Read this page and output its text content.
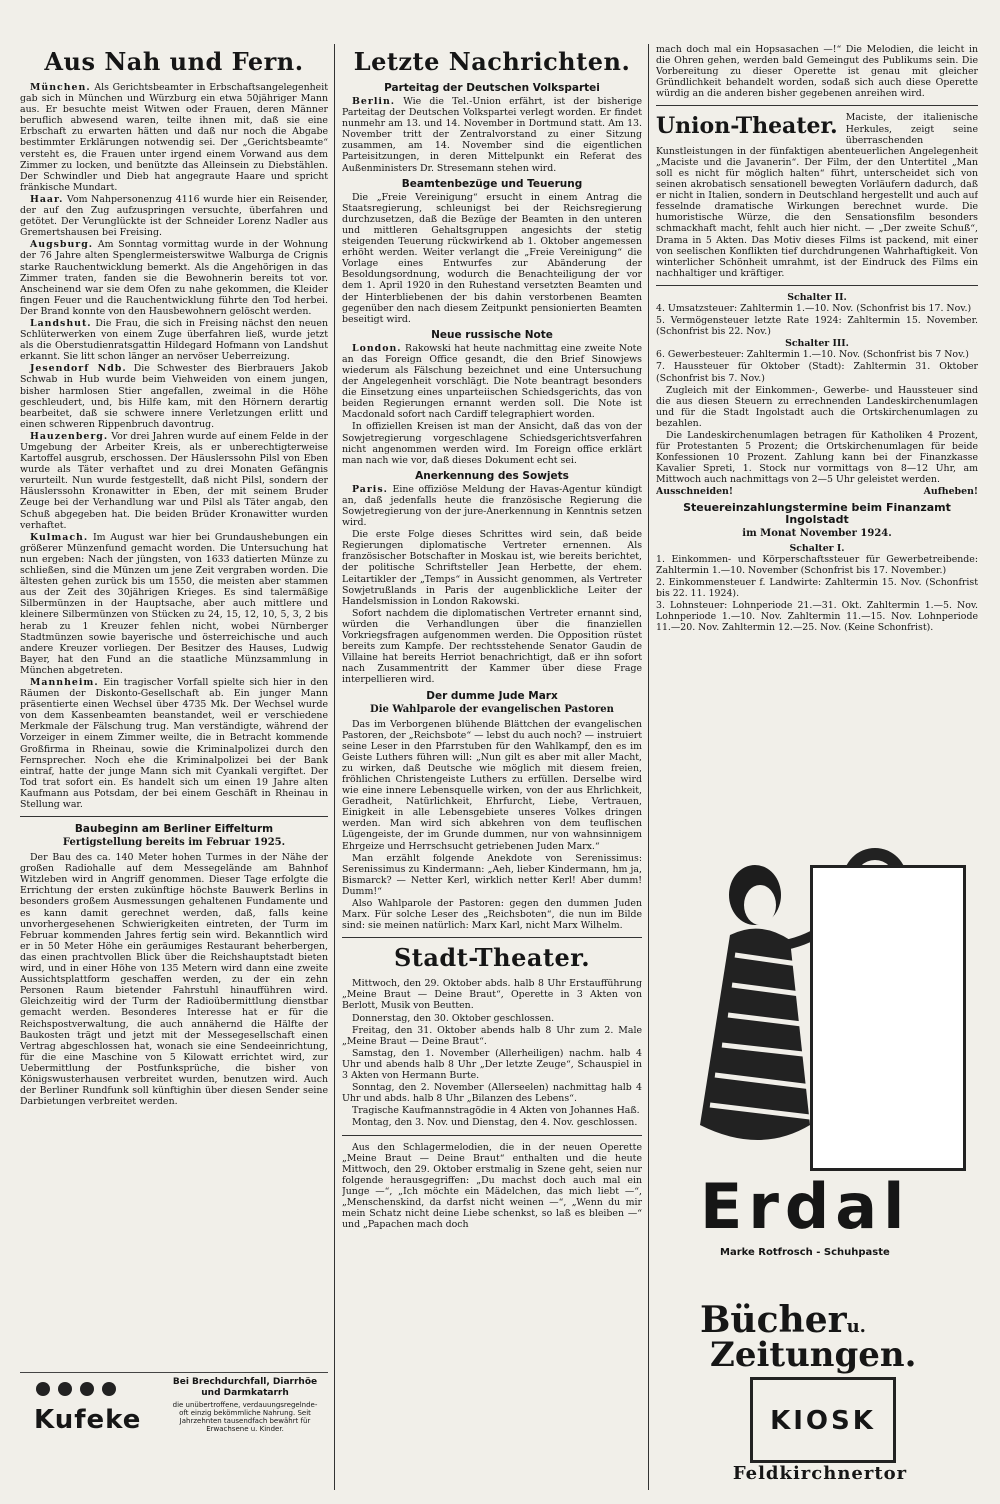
Aus Nah und Fern.

München. Als Gerichtsbeamter in Erbschaftsangelegenheit gab sich in München und Würzburg ein etwa 50jähriger Mann aus. Er besuchte meist Witwen oder Frauen, deren Männer beruflich abwesend waren, teilte ihnen mit, daß sie eine Erbschaft zu erwarten hätten und daß nur noch die Abgabe bestimmter Erklärungen notwendig sei. Der „Gerichtsbeamte“ versteht es, die Frauen unter irgend einem Vorwand aus dem Zimmer zu locken, und benützte das Alleinsein zu Diebstählen. Der Schwindler und Dieb hat angegraute Haare und spricht fränkische Mundart.

Haar. Vom Nahpersonenzug 4116 wurde hier ein Reisender, der auf den Zug aufzuspringen versuchte, überfahren und getötet. Der Verunglückte ist der Schneider Lorenz Nadler aus Gremertshausen bei Freising.

Augsburg. Am Sonntag vormittag wurde in der Wohnung der 76 Jahre alten Spenglermeisterswitwe Walburga de Crignis starke Rauchentwicklung bemerkt. Als die Angehörigen in das Zimmer traten, fanden sie die Bewohnerin bereits tot vor. Anscheinend war sie dem Ofen zu nahe gekommen, die Kleider fingen Feuer und die Rauchentwicklung führte den Tod herbei. Der Brand konnte von den Hausbewohnern gelöscht werden.

Landshut. Die Frau, die sich in Freising nächst den neuen Schlüterwerken von einem Zuge überfahren ließ, wurde jetzt als die Oberstudienratsgattin Hildegard Hofmann von Landshut erkannt. Sie litt schon länger an nervöser Ueberreizung.

Jesendorf Ndb. Die Schwester des Bierbrauers Jakob Schwab in Hub wurde beim Viehweiden von einem jungen, bisher harmlosen Stier angefallen, zweimal in die Höhe geschleudert, und, bis Hilfe kam, mit den Hörnern derartig bearbeitet, daß sie schwere innere Verletzungen erlitt und einen schweren Rippenbruch davontrug.

Hauzenberg. Vor drei Jahren wurde auf einem Felde in der Umgebung der Arbeiter Kreis, als er unberechtigterweise Kartoffel ausgrub, erschossen. Der Häuslerssohn Pilsl von Eben wurde als Täter verhaftet und zu drei Monaten Gefängnis verurteilt. Nun wurde festgestellt, daß nicht Pilsl, sondern der Häuslerssohn Kronawitter in Eben, der mit seinem Bruder Zeuge bei der Verhandlung war und Pilsl als Täter angab, den Schuß abgegeben hat. Die beiden Brüder Kronawitter wurden verhaftet.

Kulmach. Im August war hier bei Grundaushebungen ein größerer Münzenfund gemacht worden. Die Untersuchung hat nun ergeben: Nach der jüngsten, von 1633 datierten Münze zu schließen, sind die Münzen um jene Zeit vergraben worden. Die ältesten gehen zurück bis um 1550, die meisten aber stammen aus der Zeit des 30jährigen Krieges. Es sind talermäßige Silbermünzen in der Hauptsache, aber auch mittlere und kleinere Silbermünzen von Stücken zu 24, 15, 12, 10, 5, 3, 2 bis herab zu 1 Kreuzer fehlen nicht, wobei Nürnberger Stadtmünzen sowie bayerische und österreichische und auch andere Kreuzer vorliegen. Der Besitzer des Hauses, Ludwig Bayer, hat den Fund an die staatliche Münzsammlung in München abgetreten.

Mannheim. Ein tragischer Vorfall spielte sich hier in den Räumen der Diskonto-Gesellschaft ab. Ein junger Mann präsentierte einen Wechsel über 4735 Mk. Der Wechsel wurde von dem Kassenbeamten beanstandet, weil er verschiedene Merkmale der Fälschung trug. Man verständigte, während der Vorzeiger in einem Zimmer weilte, die in Betracht kommende Großfirma in Rheinau, sowie die Kriminalpolizei durch den Fernsprecher. Noch ehe die Kriminalpolizei bei der Bank eintraf, hatte der junge Mann sich mit Cyankali vergiftet. Der Tod trat sofort ein. Es handelt sich um einen 19 Jahre alten Kaufmann aus Potsdam, der bei einem Geschäft in Rheinau in Stellung war.

Baubeginn am Berliner Eiffelturm
Fertigstellung bereits im Februar 1925.

Der Bau des ca. 140 Meter hohen Turmes in der Nähe der großen Radiohalle auf dem Messegelände am Bahnhof Witzleben wird in Angriff genommen. Dieser Tage erfolgte die Errichtung der ersten zukünftige höchste Bauwerk Berlins in besonders großem Ausmessungen gehaltenen Fundamente und es kann damit gerechnet werden, daß, falls keine unvorhergesehenen Schwierigkeiten eintreten, der Turm im Februar kommenden Jahres fertig sein wird. Bekanntlich wird er in 50 Meter Höhe ein geräumiges Restaurant beherbergen, das einen prachtvollen Blick über die Reichshauptstadt bieten wird, und in einer Höhe von 135 Metern wird dann eine zweite Aussichtsplattform geschaffen werden, zu der ein zehn Personen Raum bietender Fahrstuhl hinaufführen wird. Gleichzeitig wird der Turm der Radioübermittlung dienstbar gemacht werden. Besonderes Interesse hat er für die Reichspostverwaltung, die auch annähernd die Hälfte der Baukosten trägt und jetzt mit der Messegesellschaft einen Vertrag abgeschlossen hat, wonach sie eine Sendeeinrichtung, für die eine Maschine von 5 Kilowatt errichtet wird, zur Uebermittlung der Postfunksprüche, die bisher von Königswusterhausen verbreitet wurden, benutzen wird. Auch der Berliner Rundfunk soll künftighin über diesen Sender seine Darbietungen verbreitet werden.

Letzte Nachrichten.
Parteitag der Deutschen Volkspartei

Berlin. Wie die Tel.-Union erfährt, ist der bisherige Parteitag der Deutschen Volkspartei verlegt worden. Er findet nunmehr am 13. und 14. November in Dortmund statt. Am 13. November tritt der Zentralvorstand zu einer Sitzung zusammen, am 14. November sind die eigentlichen Parteisitzungen, in deren Mittelpunkt ein Referat des Außenministers Dr. Stresemann stehen wird.

Beamtenbezüge und Teuerung

Die „Freie Vereinigung“ ersucht in einem Antrag die Staatsregierung, schleunigst bei der Reichsregierung durchzusetzen, daß die Bezüge der Beamten in den unteren und mittleren Gehaltsgruppen angesichts der stetig steigenden Teuerung rückwirkend ab 1. Oktober angemessen erhöht werden. Weiter verlangt die „Freie Vereinigung“ die Vorlage eines Entwurfes zur Abänderung der Besoldungsordnung, wodurch die Benachteiligung der vor dem 1. April 1920 in den Ruhestand versetzten Beamten und der Hinterbliebenen der bis dahin verstorbenen Beamten gegenüber den nach diesem Zeitpunkt pensionierten Beamten beseitigt wird.

Neue russische Note

London. Rakowski hat heute nachmittag eine zweite Note an das Foreign Office gesandt, die den Brief Sinowjews wiederum als Fälschung bezeichnet und eine Untersuchung der Angelegenheit vorschlägt. Die Note beantragt besonders die Einsetzung eines unparteiischen Schiedsgerichts, das von beiden Regierungen ernannt werden soll. Die Note ist Macdonald sofort nach Cardiff telegraphiert worden.

In offiziellen Kreisen ist man der Ansicht, daß das von der Sowjetregierung vorgeschlagene Schiedsgerichtsverfahren nicht angenommen werden wird. Im Foreign office erklärt man nach wie vor, daß dieses Dokument echt sei.

Anerkennung des Sowjets

Paris. Eine offiziöse Meldung der Havas-Agentur kündigt an, daß jedenfalls heute die französische Regierung die Sowjetregierung von der jure-Anerkennung in Kenntnis setzen wird.

Die erste Folge dieses Schrittes wird sein, daß beide Regierungen diplomatische Vertreter ernennen. Als französischer Botschafter in Moskau ist, wie bereits berichtet, der politische Schriftsteller Jean Herbette, der ehem. Leitartikler der „Temps“ in Aussicht genommen, als Vertreter Sowjetrußlands in Paris der augenblickliche Leiter der Handelsmission in London Rakowski.

Sofort nachdem die diplomatischen Vertreter ernannt sind, würden die Verhandlungen über die finanziellen Vorkriegsfragen aufgenommen werden. Die Opposition rüstet bereits zum Kampfe. Der rechtsstehende Senator Gaudin de Villaine hat bereits Herriot benachrichtigt, daß er ihn sofort nach Zusammentritt der Kammer über diese Frage interpellieren wird.

Der dumme Jude Marx
Die Wahlparole der evangelischen Pastoren

Das im Verborgenen blühende Blättchen der evangelischen Pastoren, der „Reichsbote“ — lebst du auch noch? — instruiert seine Leser in den Pfarrstuben für den Wahlkampf, den es im Geiste Luthers führen will: „Nun gilt es aber mit aller Macht, zu wirken, daß Deutsche wie möglich mit diesem freien, fröhlichen Christengeiste Luthers zu erfüllen. Derselbe wird wie eine innere Lebensquelle wirken, von der aus Ehrlichkeit, Geradheit, Natürlichkeit, Ehrfurcht, Liebe, Vertrauen, Einigkeit in alle Lebensgebiete unseres Volkes dringen werden. Man wird sich abkehren von dem teuflischen Lügengeiste, der im Grunde dummen, nur von wahnsinnigem Ehrgeize und Herrschsucht getriebenen Juden Marx.“

Man erzählt folgende Anekdote von Serenissimus: Serenissimus zu Kindermann: „Aeh, lieber Kindermann, hm ja, Bismarck? — Netter Kerl, wirklich netter Kerl! Aber dumm! Dumm!“

Also Wahlparole der Pastoren: gegen den dummen Juden Marx. Für solche Leser des „Reichsboten“, die nun im Bilde sind: sie meinen natürlich: Marx Karl, nicht Marx Wilhelm.

Stadt-Theater.

Mittwoch, den 29. Oktober abds. halb 8 Uhr Erstaufführung „Meine Braut — Deine Braut“, Operette in 3 Akten von Berlott, Musik von Beutten.

Donnerstag, den 30. Oktober geschlossen.

Freitag, den 31. Oktober abends halb 8 Uhr zum 2. Male „Meine Braut — Deine Braut“.

Samstag, den 1. November (Allerheiligen) nachm. halb 4 Uhr und abends halb 8 Uhr „Der letzte Zeuge“, Schauspiel in 3 Akten von Hermann Burte.

Sonntag, den 2. November (Allerseelen) nachmittag halb 4 Uhr und abds. halb 8 Uhr „Bilanzen des Lebens“.

Tragische Kaufmannstragödie in 4 Akten von Johannes Haß.

Montag, den 3. Nov. und Dienstag, den 4. Nov. geschlossen.

Aus den Schlagermelodien, die in der neuen Operette „Meine Braut — Deine Braut“ enthalten und die heute Mittwoch, den 29. Oktober erstmalig in Szene geht, seien nur folgende herausgegriffen: „Du machst doch auch mal ein Junge —“, „Ich möchte ein Mädelchen, das mich liebt —“, „Menschenskind, da darfst nicht weinen —“, „Wenn du mir mein Schatz nicht deine Liebe schenkst, so laß es bleiben —“ und „Papachen mach doch

mach doch mal ein Hopsasachen —!“ Die Melodien, die leicht in die Ohren gehen, werden bald Gemeingut des Publikums sein. Die Vorbereitung zu dieser Operette ist genau mit gleicher Gründlichkeit behandelt worden, sodaß sich auch diese Operette würdig an die anderen bisher gegebenen anreihen wird.

Union-Theater. Maciste, der italienische Herkules, zeigt seine überraschenden Kunstleistungen in der fünfaktigen abenteuerlichen Angelegenheit „Maciste und die Javanerin“. Der Film, der den Untertitel „Man soll es nicht für möglich halten“ führt, unterscheidet sich von seinen akrobatisch sensationell bewegten Vorläufern dadurch, daß er nicht in Italien, sondern in Deutschland hergestellt und auch auf fesselnde dramatische Wirkungen berechnet wurde. Die humoristische Würze, die den Sensationsfilm besonders schmackhaft macht, fehlt auch hier nicht. — „Der zweite Schuß“, Drama in 5 Akten. Das Motiv dieses Films ist packend, mit einer von seelischen Konflikten tief durchdrungenen Wahrhaftigkeit. Von winterlicher Schönheit umrahmt, ist der Eindruck des Films ein nachhaltiger und kräftiger.
Schalter II.

4. Umsatzsteuer: Zahltermin 1.—10. Nov. (Schonfrist bis 17. Nov.)

5. Vermögensteuer letzte Rate 1924: Zahltermin 15. November. (Schonfrist bis 22. Nov.)

Schalter III.

6. Gewerbesteuer: Zahltermin 1.—10. Nov. (Schonfrist bis 7 Nov.)

7. Haussteuer für Oktober (Stadt): Zahltermin 31. Oktober (Schonfrist bis 7. Nov.)

Zugleich mit der Einkommen-, Gewerbe- und Haussteuer sind die aus diesen Steuern zu errechnenden Landeskirchenumlagen und für die Stadt Ingolstadt auch die Ortskirchenumlagen zu bezahlen.

Die Landeskirchenumlagen betragen für Katholiken 4 Prozent, für Protestanten 5 Prozent; die Ortskirchenumlagen für beide Konfessionen 10 Prozent. Zahlung kann bei der Finanzkasse Kavalier Spreti, 1. Stock nur vormittags von 8—12 Uhr, am Mittwoch auch nachmittags von 2—5 Uhr geleistet werden.

Ausschneiden!	Aufheben!
Steuereinzahlungstermine beim Finanzamt Ingolstadt
im Monat November 1924.
Schalter I.

1. Einkommen- und Körperschaftssteuer für Gewerbetreibende: Zahltermin 1.—10. November (Schonfrist bis 17. November.)

2. Einkommensteuer f. Landwirte: Zahltermin 15. Nov. (Schonfrist bis 22. 11. 1924).

3. Lohnsteuer: Lohnperiode 21.—31. Okt. Zahltermin 1.—5. Nov. Lohnperiode 1.—10. Nov. Zahltermin 11.—15. Nov. Lohnperiode 11.—20. Nov. Zahltermin 12.—25. Nov. (Keine Schonfrist).

Kufeke
Bei Brechdurchfall, Diarrhöe und Darmkatarrh
die unübertroffene, verdauungsregelnde- oft einzig bekömmliche Nahrung. Seit Jahrzehnten tausendfach bewährt für Erwachsene u. Kinder.
Erdal
Marke Rotfrosch - Schuhpaste
Bücheru.
Zeitungen.
KIOSK
Feldkirchnertor
